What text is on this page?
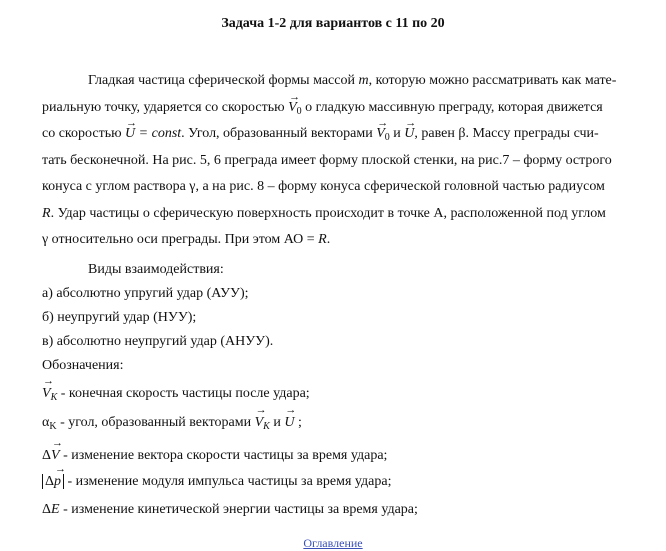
Задача 1-2 для вариантов с 11 по 20
Гладкая частица сферической формы массой m, которую можно рассматривать как мате-
риальную точку, ударяется со скоростью → $V_0$ о гладкую массивную преграду, которая движется
со скоростью → U = const. Угол, образованный векторами → $V_0$ и → U, равен β. Массу преграды счи-
тать бесконечной. На рис. 5, 6 преграда имеет форму плоской стенки, на рис.7 – форму острого
конуса с углом раствора γ, а на рис. 8 – форму конуса сферической головной частью радиусом
R. Удар частицы о сферическую поверхность происходит в точке А, расположенной под углом
γ относительно оси преграды. При этом АО = R.
Виды взаимодействия:
а) абсолютно упругий удар (АУУ);
б) неупругий удар (НУУ);
в) абсолютно неупругий удар (АНУУ).
Обозначения:
→ $V_K$ - конечная скорость частицы после удара;
$\alpha_K$ - угол, образованный векторами → $V_K$ и → U ;
Δ→ V - изменение вектора скорости частицы за время удара;
Δ→ p - изменение модуля импульса частицы за время удара;
ΔE - изменение кинетической энергии частицы за время удара;
Оглавление
